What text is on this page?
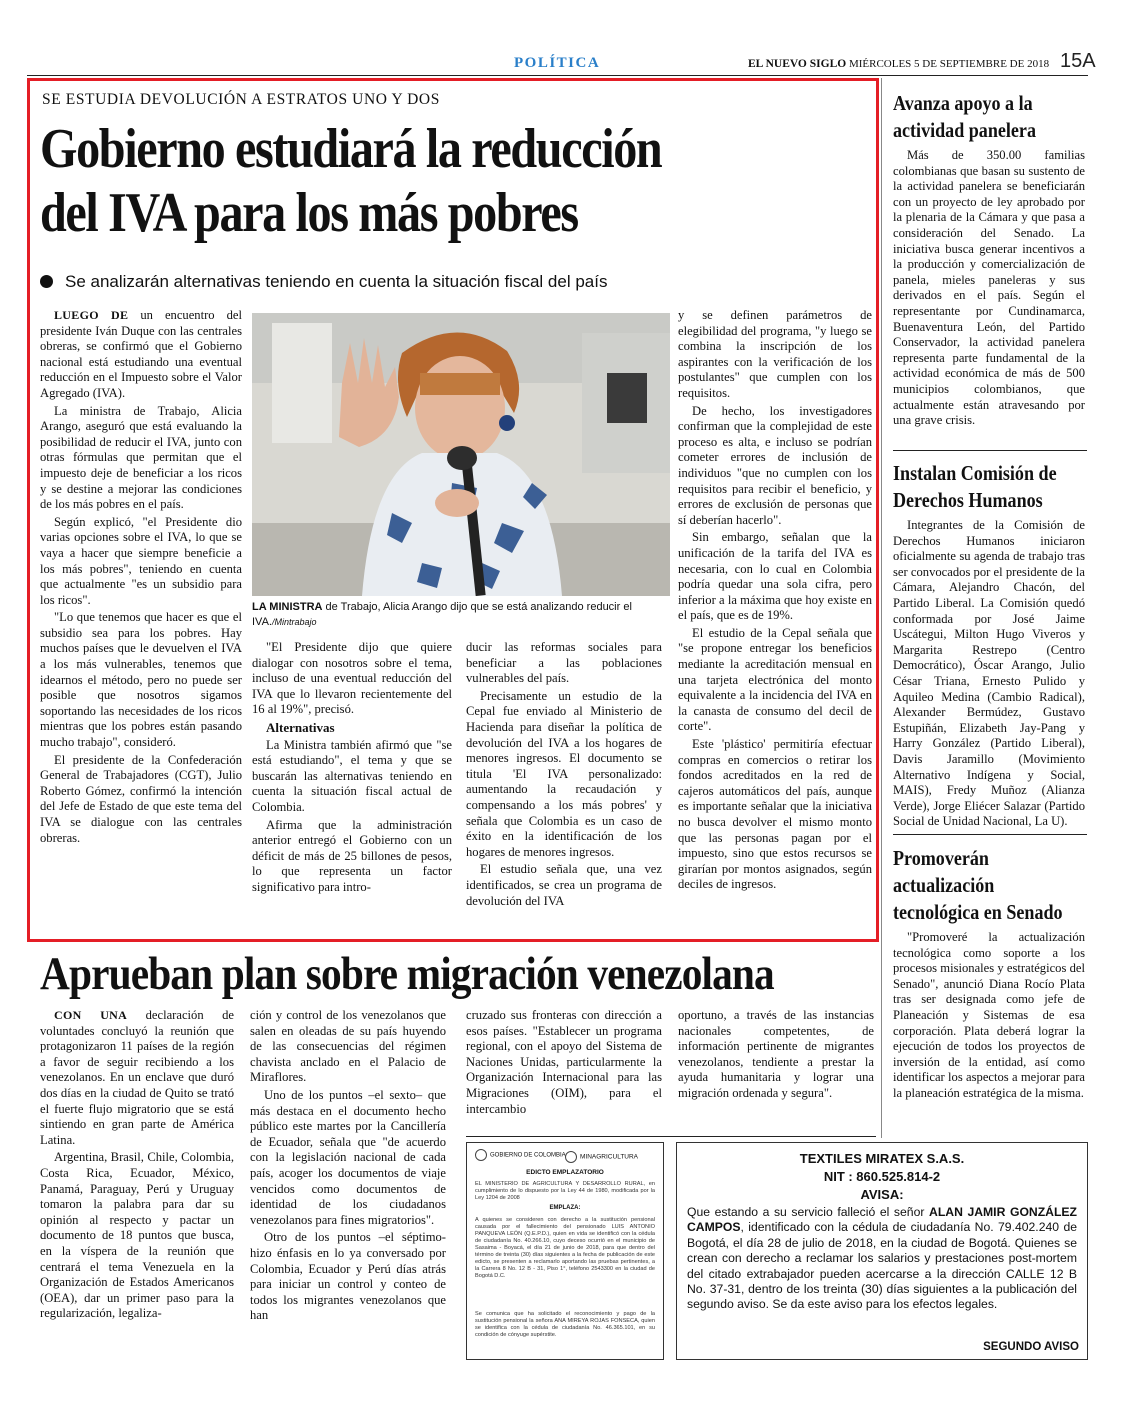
POLÍTICA	EL NUEVO SIGLO MIÉRCOLES 5 DE SEPTIEMBRE DE 2018 15A
SE ESTUDIA DEVOLUCIÓN A ESTRATOS UNO Y DOS
Gobierno estudiará la reducción
del IVA para los más pobres
Se analizarán alternativas teniendo en cuenta la situación fiscal del país

LUEGO DE un encuentro del presidente Iván Duque con las centrales obreras, se confirmó que el Gobierno nacional está estudiando una eventual reducción en el Impuesto sobre el Valor Agregado (IVA).

La ministra de Trabajo, Alicia Arango, aseguró que está evaluando la posibilidad de reducir el IVA, junto con otras fórmulas que permitan que el impuesto deje de beneficiar a los ricos y se destine a mejorar las condiciones de los más pobres en el país.

Según explicó, "el Presidente dio varias opciones sobre el IVA, lo que se vaya a hacer que siempre beneficie a los más pobres", teniendo en cuenta que actualmente "es un subsidio para los ricos".

"Lo que tenemos que hacer es que el subsidio sea para los pobres. Hay muchos países que le devuelven el IVA a los más vulnerables, tenemos que idearnos el método, pero no puede ser posible que nosotros sigamos soportando las necesidades de los ricos mientras que los pobres están pasando mucho trabajo", consideró.

El presidente de la Confederación General de Trabajadores (CGT), Julio Roberto Gómez, confirmó la intención del Jefe de Estado de que este tema del IVA se dialogue con las centrales obreras.

LA MINISTRA de Trabajo, Alicia Arango dijo que se está analizando reducir el IVA./Mintrabajo

"El Presidente dijo que quiere dialogar con nosotros sobre el tema, incluso de una eventual reducción del IVA que lo llevaron recientemente del 16 al 19%", precisó.

Alternativas

La Ministra también afirmó que "se está estudiando", el tema y que se buscarán las alternativas teniendo en cuenta la situación fiscal actual de Colombia.

Afirma que la administración anterior entregó el Gobierno con un déficit de más de 25 billones de pesos, lo que representa un factor significativo para intro-

ducir las reformas sociales para beneficiar a las poblaciones vulnerables del país.

Precisamente un estudio de la Cepal fue enviado al Ministerio de Hacienda para diseñar la política de devolución del IVA a los hogares de menores ingresos. El documento se titula 'El IVA personalizado: aumentando la recaudación y compensando a los más pobres' y señala que Colombia es un caso de éxito en la identificación de los hogares de menores ingresos.

El estudio señala que, una vez identificados, se crea un programa de devolución del IVA

y se definen parámetros de elegibilidad del programa, "y luego se combina la inscripción de los aspirantes con la verificación de los postulantes" que cumplen con los requisitos.

De hecho, los investigadores confirman que la complejidad de este proceso es alta, e incluso se podrían cometer errores de inclusión de individuos "que no cumplen con los requisitos para recibir el beneficio, y errores de exclusión de personas que sí deberían hacerlo".

Sin embargo, señalan que la unificación de la tarifa del IVA es necesaria, con lo cual en Colombia podría quedar una sola cifra, pero inferior a la máxima que hoy existe en el país, que es de 19%.

El estudio de la Cepal señala que "se propone entregar los beneficios mediante la acreditación mensual en una tarjeta electrónica del monto equivalente a la incidencia del IVA en la canasta de consumo del decil de corte".

Este 'plástico' permitiría efectuar compras en comercios o retirar los fondos acreditados en la red de cajeros automáticos del país, aunque es importante señalar que la iniciativa no busca devolver el mismo monto que las personas pagan por el impuesto, sino que estos recursos se girarían por montos asignados, según deciles de ingresos.

Avanza apoyo a la
actividad panelera

Más de 350.00 familias colombianas que basan su sustento de la actividad panelera se beneficiarán con un proyecto de ley aprobado por la plenaria de la Cámara y que pasa a consideración del Senado. La iniciativa busca generar incentivos a la producción y comercialización de panela, mieles paneleras y sus derivados en el país. Según el representante por Cundinamarca, Buenaventura León, del Partido Conservador, la actividad panelera representa parte fundamental de la actividad económica de más de 500 municipios colombianos, que actualmente están atravesando por una grave crisis.

Instalan Comisión de
Derechos Humanos

Integrantes de la Comisión de Derechos Humanos iniciaron oficialmente su agenda de trabajo tras ser convocados por el presidente de la Cámara, Alejandro Chacón, del Partido Liberal. La Comisión quedó conformada por José Jaime Uscátegui, Milton Hugo Viveros y Margarita Restrepo (Centro Democrático), Óscar Arango, Julio César Triana, Ernesto Pulido y Aquileo Medina (Cambio Radical), Alexander Bermúdez, Gustavo Estupiñán, Elizabeth Jay-Pang y Harry González (Partido Liberal), Davis Jaramillo (Movimiento Alternativo Indígena y Social, MAIS), Fredy Muñoz (Alianza Verde), Jorge Eliécer Salazar (Partido Social de Unidad Nacional, La U).

Promoverán
actualización
tecnológica en Senado

"Promoveré la actualización tecnológica como soporte a los procesos misionales y estratégicos del Senado", anunció Diana Rocío Plata tras ser designada como jefe de Planeación y Sistemas de esa corporación. Plata deberá lograr la ejecución de todos los proyectos de inversión de la entidad, así como identificar los aspectos a mejorar para la planeación estratégica de la misma.

Aprueban plan sobre migración venezolana

CON UNA declaración de voluntades concluyó la reunión que protagonizaron 11 países de la región a favor de seguir recibiendo a los venezolanos. En un enclave que duró dos días en la ciudad de Quito se trató el fuerte flujo migratorio que se está sintiendo en gran parte de América Latina.

Argentina, Brasil, Chile, Colombia, Costa Rica, Ecuador, México, Panamá, Paraguay, Perú y Uruguay tomaron la palabra para dar su opinión al respecto y pactar un documento de 18 puntos que busca, en la víspera de la reunión que centrará el tema Venezuela en la Organización de Estados Americanos (OEA), dar un primer paso para la regularización, legaliza-

ción y control de los venezolanos que salen en oleadas de su país huyendo de las consecuencias del régimen chavista anclado en el Palacio de Miraflores.

Uno de los puntos –el sexto– que más destaca en el documento hecho público este martes por la Cancillería de Ecuador, señala que "de acuerdo con la legislación nacional de cada país, acoger los documentos de viaje vencidos como documentos de identidad de los ciudadanos venezolanos para fines migratorios".

Otro de los puntos –el séptimo- hizo énfasis en lo ya conversado por Colombia, Ecuador y Perú días atrás para iniciar un control y conteo de todos los migrantes venezolanos que han

cruzado sus fronteras con dirección a esos países. "Establecer un programa regional, con el apoyo del Sistema de Naciones Unidas, particularmente la Organización Internacional para las Migraciones (OIM), para el intercambio

oportuno, a través de las instancias nacionales competentes, de información pertinente de migrantes venezolanos, tendiente a prestar la ayuda humanitaria y lograr una migración ordenada y segura".

GOBIERNO DE COLOMBIA	MINAGRICULTURA
EDICTO EMPLAZATORIO
EL MINISTERIO DE AGRICULTURA Y DESARROLLO RURAL, en cumplimiento de lo dispuesto por la Ley 44 de 1980, modificada por la Ley 1204 de 2008
EMPLAZA:
A quienes se consideren con derecho a la sustitución pensional causada por el fallecimiento del pensionado LUIS ANTONIO PANQUEVA LEÓN (Q.E.P.D.), quien en vida se identificó con la cédula de ciudadanía No. 40.266.10, cuyo deceso ocurrió en el municipio de Sasaima - Boyacá, el día 21 de junio de 2018, para que dentro del término de treinta (30) días siguientes a la fecha de publicación de este edicto, se presenten a reclamarlo aportando las pruebas pertinentes, a la Carrera 8 No. 12 B - 31, Piso 1°, teléfono 2543300 en la ciudad de Bogotá D.C.
Se comunica que ha solicitado el reconocimiento y pago de la sustitución pensional la señora ANA MIREYA ROJAS FONSECA, quien se identifica con la cédula de ciudadanía No. 46.365.101, en su condición de cónyuge supérstite.
TEXTILES MIRATEX S.A.S.
NIT : 860.525.814-2
AVISA:
Que estando a su servicio falleció el señor ALAN JAMIR GONZÁLEZ CAMPOS, identificado con la cédula de ciudadanía No. 79.402.240 de Bogotá, el día 28 de julio de 2018, en la ciudad de Bogotá. Quienes se crean con derecho a reclamar los salarios y prestaciones post-mortem del citado extrabajador pueden acercarse a la dirección CALLE 12 B No. 37-31, dentro de los treinta (30) días siguientes a la publicación del segundo aviso. Se da este aviso para los efectos legales.
SEGUNDO AVISO
